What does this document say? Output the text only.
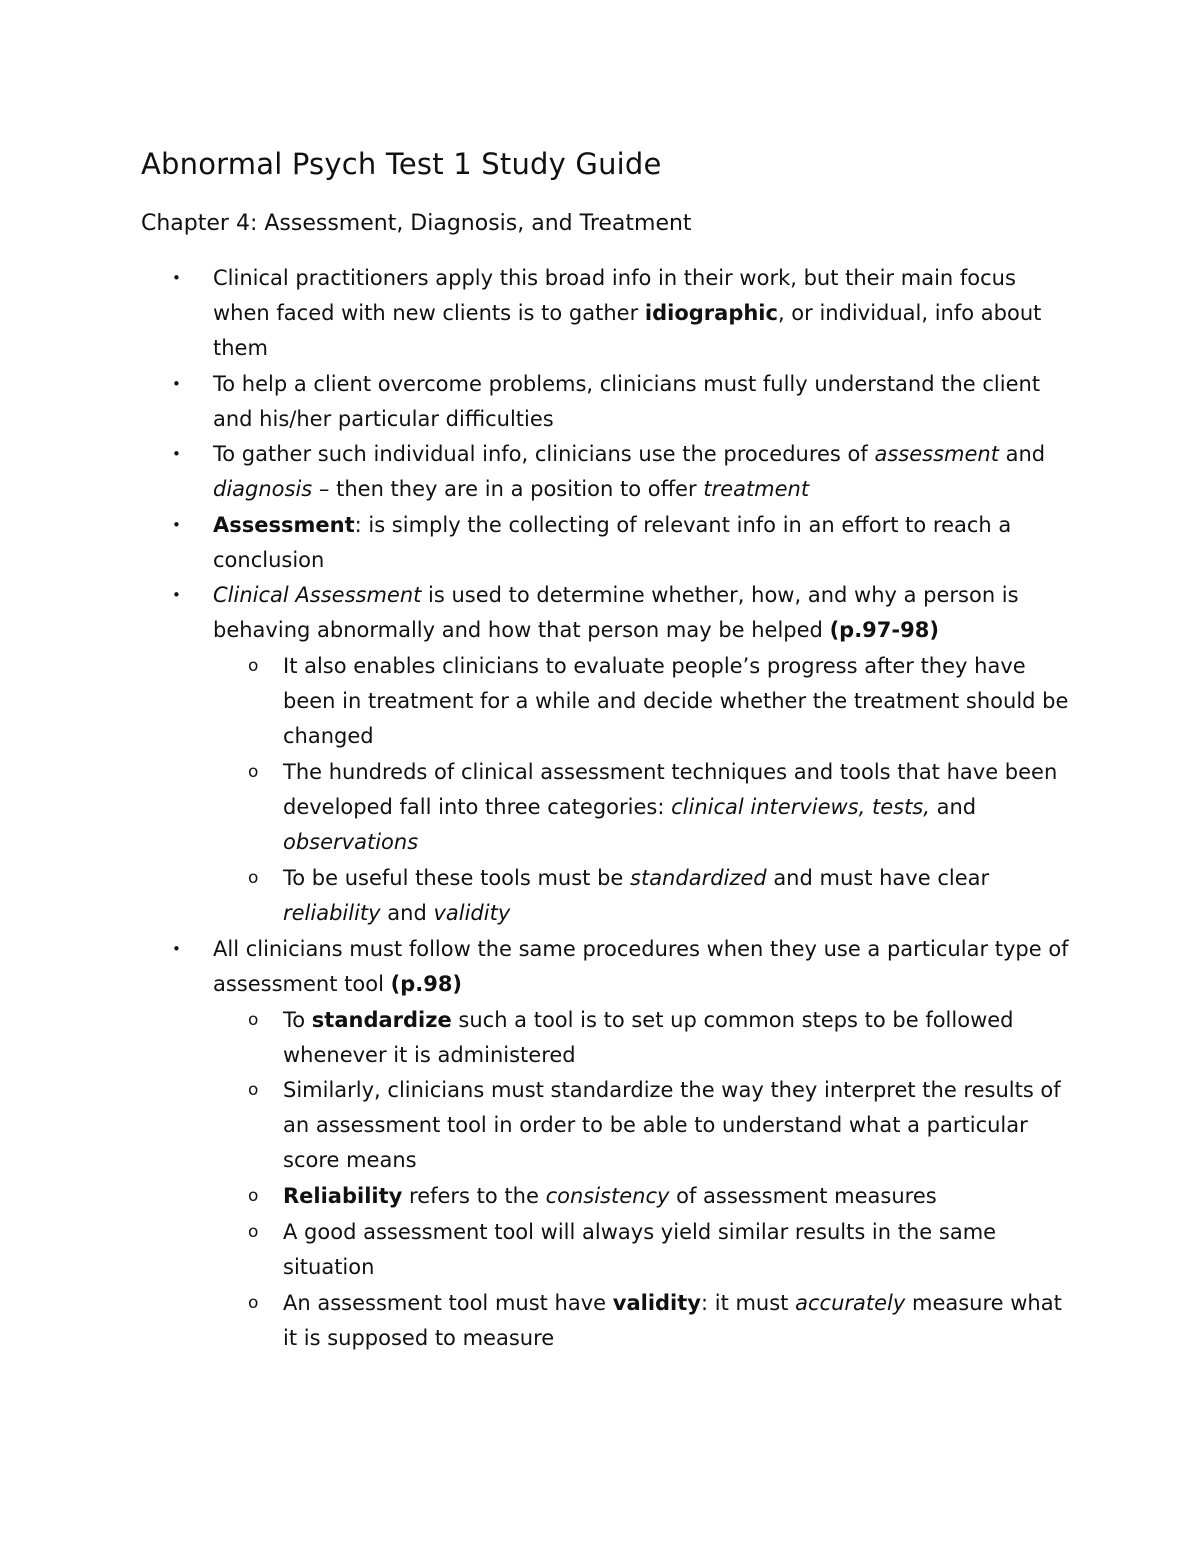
Abnormal Psych Test 1 Study Guide
Chapter 4: Assessment, Diagnosis, and Treatment

• Clinical practitioners apply this broad info in their work, but their main focus when faced with new clients is to gather idiographic, or individual, info about them

• To help a client overcome problems, clinicians must fully understand the client and his/her particular difficulties

• To gather such individual info, clinicians use the procedures of assessment and diagnosis – then they are in a position to offer treatment

• Assessment: is simply the collecting of relevant info in an effort to reach a conclusion

• Clinical Assessment is used to determine whether, how, and why a person is behaving abnormally and how that person may be helped (p.97-98)

o It also enables clinicians to evaluate people’s progress after they have been in treatment for a while and decide whether the treatment should be changed

o The hundreds of clinical assessment techniques and tools that have been developed fall into three categories: clinical interviews, tests, and observations

o To be useful these tools must be standardized and must have clear reliability and validity

• All clinicians must follow the same procedures when they use a particular type of assessment tool (p.98)

o To standardize such a tool is to set up common steps to be followed whenever it is administered

o Similarly, clinicians must standardize the way they interpret the results of an assessment tool in order to be able to understand what a particular score means

o Reliability refers to the consistency of assessment measures

o A good assessment tool will always yield similar results in the same situation

o An assessment tool must have validity: it must accurately measure what it is supposed to measure
